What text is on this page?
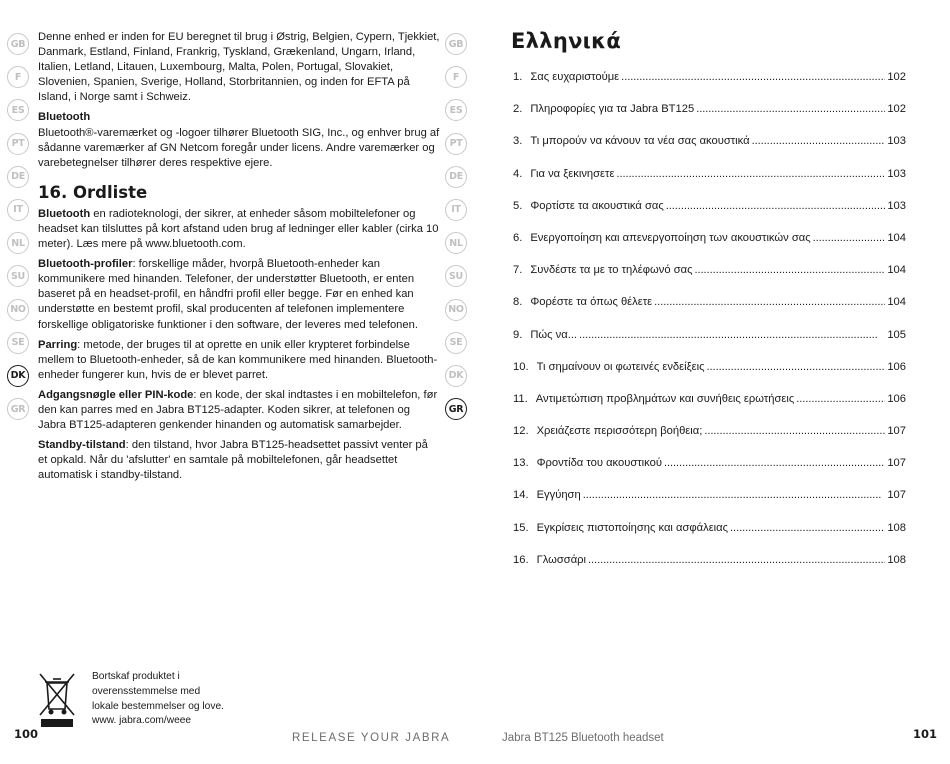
GB
F
ES
PT
DE
IT
NL
SU
NO
SE
DK
GR

Denne enhed er inden for EU beregnet til brug i Østrig, Belgien, Cypern, Tjekkiet, Danmark, Estland, Finland, Frankrig, Tyskland, Grækenland, Ungarn, Irland, Italien, Letland, Litauen, Luxembourg, Malta, Polen, Portugal, Slovakiet, Slovenien, Spanien, Sverige, Holland, Storbritannien, og inden for EFTA på Island, i Norge samt i Schweiz.

Bluetooth

Bluetooth®-varemærket og -logoer tilhører Bluetooth SIG, Inc., og enhver brug af sådanne varemærker af GN Netcom foregår under licens. Andre varemærker og varebetegnelser tilhører deres respektive ejere.

16. Ordliste

Bluetooth en radioteknologi, der sikrer, at enheder såsom mobiltelefoner og headset kan tilsluttes på kort afstand uden brug af ledninger eller kabler (cirka 10 meter). Læs mere på www.bluetooth.com.

Bluetooth-profiler: forskellige måder, hvorpå Bluetooth-enheder kan kommunikere med hinanden. Telefoner, der understøtter Bluetooth, er enten baseret på en headset-profil, en håndfri profil eller begge. Før en enhed kan understøtte en bestemt profil, skal producenten af telefonen implementere forskellige obligatoriske funktioner i den software, der leveres med telefonen.

Parring: metode, der bruges til at oprette en unik eller krypteret forbindelse mellem to Bluetooth-enheder, så de kan kommunikere med hinanden. Bluetooth-enheder fungerer kun, hvis de er blevet parret.

Adgangsnøgle eller PIN-kode: en kode, der skal indtastes i en mobiltelefon, før den kan parres med en Jabra BT125-adapter. Koden sikrer, at telefonen og Jabra BT125-adapteren genkender hinanden og automatisk samarbejder.

Standby-tilstand: den tilstand, hvor Jabra BT125-headsettet passivt venter på et opkald. Når du 'afslutter' en samtale på mobiltelefonen, går headsettet automatisk i standby-tilstand.

Bortskaf produktet i
overensstemmelse med
lokale bestemmelser og love.
www. jabra.com/weee
100	RELEASE YOUR JABRA
Ελληνικά
1. Σας ευχαριστούμε . . .	102
2. Πληροφορίες για τα Jabra BT125 . . .	102
3. Τι μπορούν να κάνουν τα νέα σας ακουστικά . . .	103
4. Για να ξεκινησετε . . .	103
5. Φορτίστε τα ακουστικά σας . . .	103
6. Ενεργοποίηση και απενεργοποίηση των ακουστικών σας . . .	104
7. Συνδέστε τα με το τηλέφωνό σας . . .	104
8. Φορέστε τα όπως θέλετε . . .	104
9. Πώς να... . . .	105
10. Τι σημαίνουν οι φωτεινές ενδείξεις . . .	106
11. Αντιμετώπιση προβλημάτων και συνήθεις ερωτήσεις . . .	106
12. Χρειάζεστε περισσότερη βοήθεια; . . .	107
13. Φροντίδα του ακουστικού . . .	107
14. Εγγύηση . . .	107
15. Εγκρίσεις πιστοποίησης και ασφάλειας . . .	108
16. Γλωσσάρι . . .	108
GB
F
ES
PT
DE
IT
NL
SU
NO
SE
DK
GR
Jabra BT125 Bluetooth headset	101
